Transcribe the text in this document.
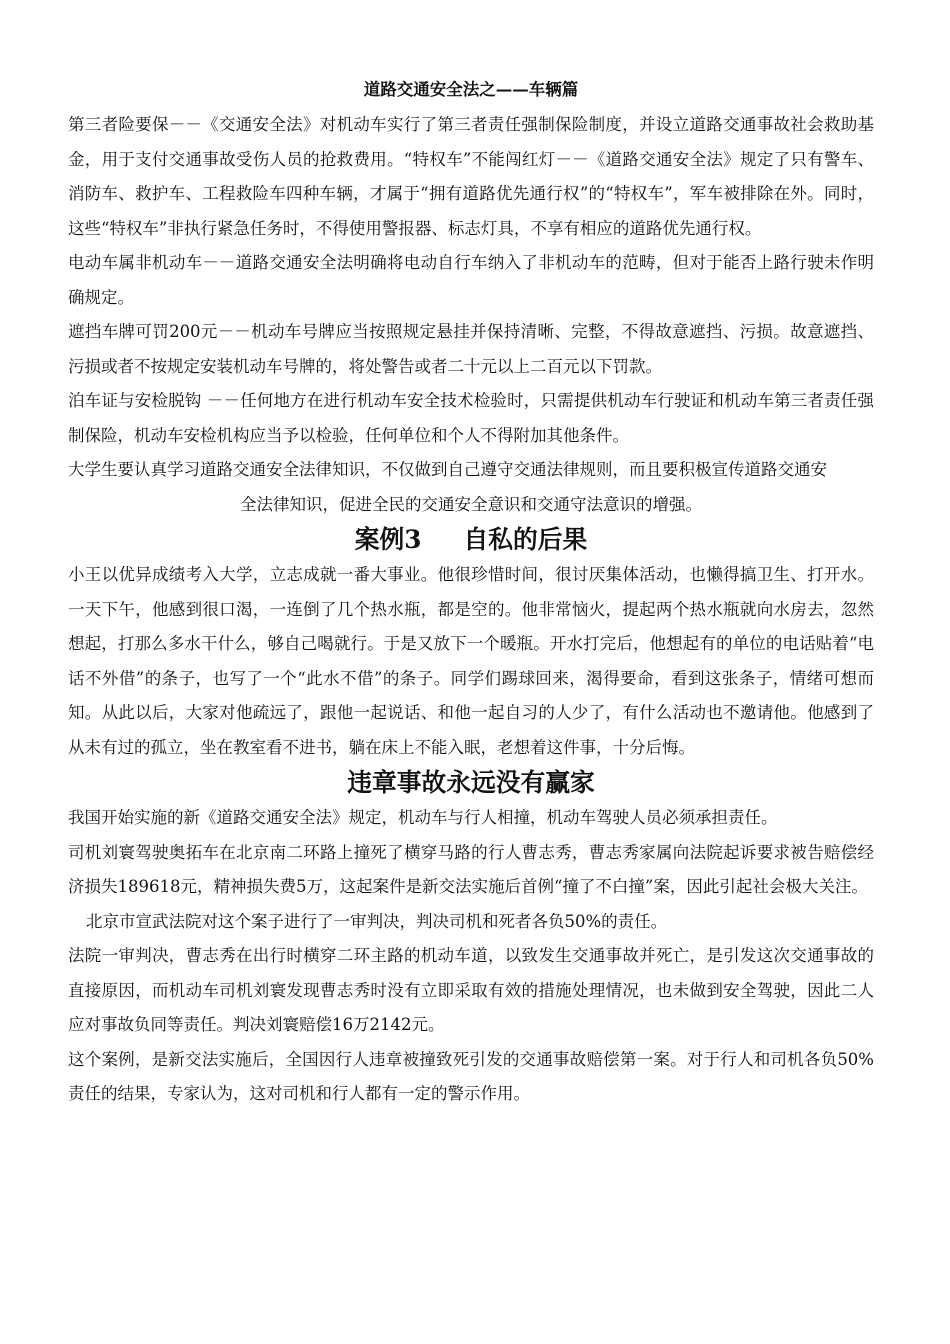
道路交通安全法之——车辆篇

第三者险要保－－《交通安全法》对机动车实行了第三者责任强制保险制度，并设立道路交通事故社会救助基金，用于支付交通事故受伤人员的抢救费用。“特权车”不能闯红灯－－《道路交通安全法》规定了只有警车、消防车、救护车、工程救险车四种车辆，才属于“拥有道路优先通行权”的“特权车”，军车被排除在外。同时，这些“特权车”非执行紧急任务时，不得使用警报器、标志灯具，不享有相应的道路优先通行权。

电动车属非机动车－－道路交通安全法明确将电动自行车纳入了非机动车的范畴，但对于能否上路行驶未作明确规定。

遮挡车牌可罚200元－－机动车号牌应当按照规定悬挂并保持清晰、完整，不得故意遮挡、污损。故意遮挡、污损或者不按规定安装机动车号牌的，将处警告或者二十元以上二百元以下罚款。

泊车证与安检脱钩 －－任何地方在进行机动车安全技术检验时，只需提供机动车行驶证和机动车第三者责任强制保险，机动车安检机构应当予以检验，任何单位和个人不得附加其他条件。

大学生要认真学习道路交通安全法律知识，不仅做到自己遵守交通法律规则，而且要积极宣传道路交通安

全法律知识，促进全民的交通安全意识和交通守法意识的增强。

案例3 自私的后果

小王以优异成绩考入大学，立志成就一番大事业。他很珍惜时间，很讨厌集体活动，也懒得搞卫生、打开水。一天下午，他感到很口渴，一连倒了几个热水瓶，都是空的。他非常恼火，提起两个热水瓶就向水房去，忽然想起，打那么多水干什么，够自己喝就行。于是又放下一个暖瓶。开水打完后，他想起有的单位的电话贴着“电话不外借”的条子，也写了一个“此水不借”的条子。同学们踢球回来，渴得要命，看到这张条子，情绪可想而知。从此以后，大家对他疏远了，跟他一起说话、和他一起自习的人少了，有什么活动也不邀请他。他感到了从未有过的孤立，坐在教室看不进书，躺在床上不能入眠，老想着这件事，十分后悔。

违章事故永远没有赢家

我国开始实施的新《道路交通安全法》规定，机动车与行人相撞，机动车驾驶人员必须承担责任。

司机刘寰驾驶奥拓车在北京南二环路上撞死了横穿马路的行人曹志秀，曹志秀家属向法院起诉要求被告赔偿经济损失189618元，精神损失费5万，这起案件是新交法实施后首例“撞了不白撞”案，因此引起社会极大关注。

北京市宣武法院对这个案子进行了一审判决，判决司机和死者各负50%的责任。

法院一审判决，曹志秀在出行时横穿二环主路的机动车道，以致发生交通事故并死亡，是引发这次交通事故的直接原因，而机动车司机刘寰发现曹志秀时没有立即采取有效的措施处理情况，也未做到安全驾驶，因此二人应对事故负同等责任。判决刘寰赔偿16万2142元。

这个案例，是新交法实施后，全国因行人违章被撞致死引发的交通事故赔偿第一案。对于行人和司机各负50%责任的结果，专家认为，这对司机和行人都有一定的警示作用。
